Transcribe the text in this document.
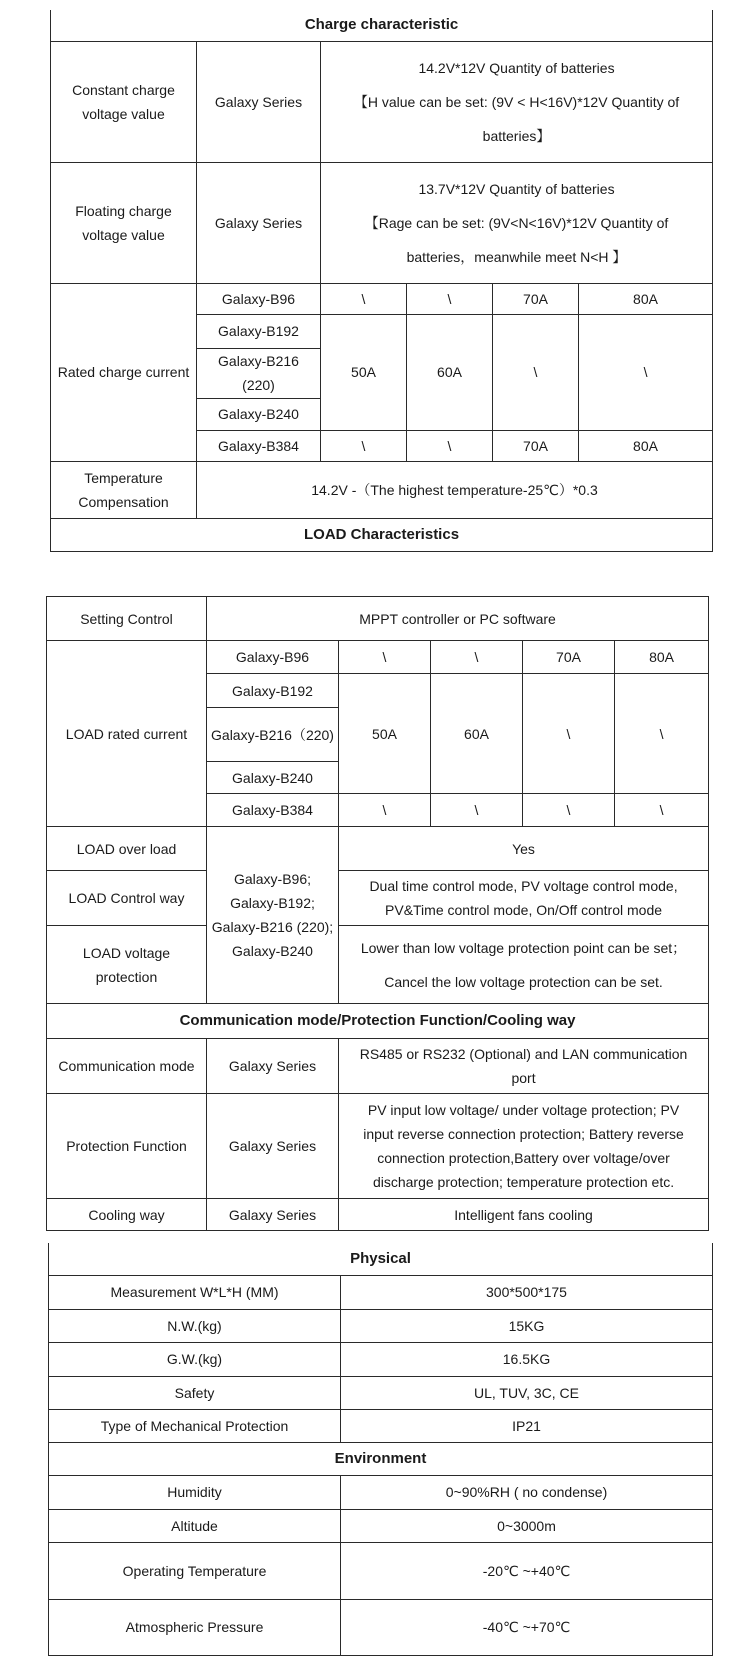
Charge characteristic					
Constant charge voltage value	Galaxy Series	14.2V*12V Quantity of batteries
【H value can be set: (9V < H<16V)*12V Quantity of
batteries】			

Floating charge voltage value	Galaxy Series	13.7V*12V Quantity of batteries
【Rage can be set: (9V<N<16V)*12V Quantity of
batteries，meanwhile meet N<H 】			

Rated charge current	Galaxy-B96	\	\	70A	80A
	Galaxy-B192	50A	60A	\	\
	Galaxy-B216 (220)				
	Galaxy-B240				
	Galaxy-B384	\	\	70A	80A
Temperature Compensation	14.2V -（The highest temperature-25℃）*0.3				
LOAD Characteristics					
Setting Control	MPPT controller or PC software				
LOAD rated current	Galaxy-B96	\	\	70A	80A
	Galaxy-B192	50A	60A	\	\
	Galaxy-B216（220)				
	Galaxy-B240				
	Galaxy-B384	\	\	\	\
LOAD over load	Galaxy-B96;
Galaxy-B192;
Galaxy-B216 (220);
Galaxy-B240	Yes			
LOAD Control way		Dual time control mode, PV voltage control mode,
PV&Time control mode, On/Off control mode			

LOAD voltage protection		Lower than low voltage protection point can be set；
Cancel the low voltage protection can be set.			

Communication mode/Protection Function/Cooling way					
Communication mode	Galaxy Series	RS485 or RS232 (Optional) and LAN communication
port			

Protection Function	Galaxy Series	PV input low voltage/ under voltage protection; PV
input reverse connection protection; Battery reverse
connection protection,Battery over voltage/over
discharge protection; temperature protection etc.			

Cooling way	Galaxy Series	Intelligent fans cooling			
Physical	
Measurement W*L*H (MM)	300*500*175
N.W.(kg)	15KG
G.W.(kg)	16.5KG
Safety	UL, TUV, 3C, CE
Type of Mechanical Protection	IP21
Environment	
Humidity	0~90%RH ( no condense)
Altitude	0~3000m
Operating Temperature	-20℃ ~+40℃
Atmospheric Pressure	-40℃ ~+70℃
